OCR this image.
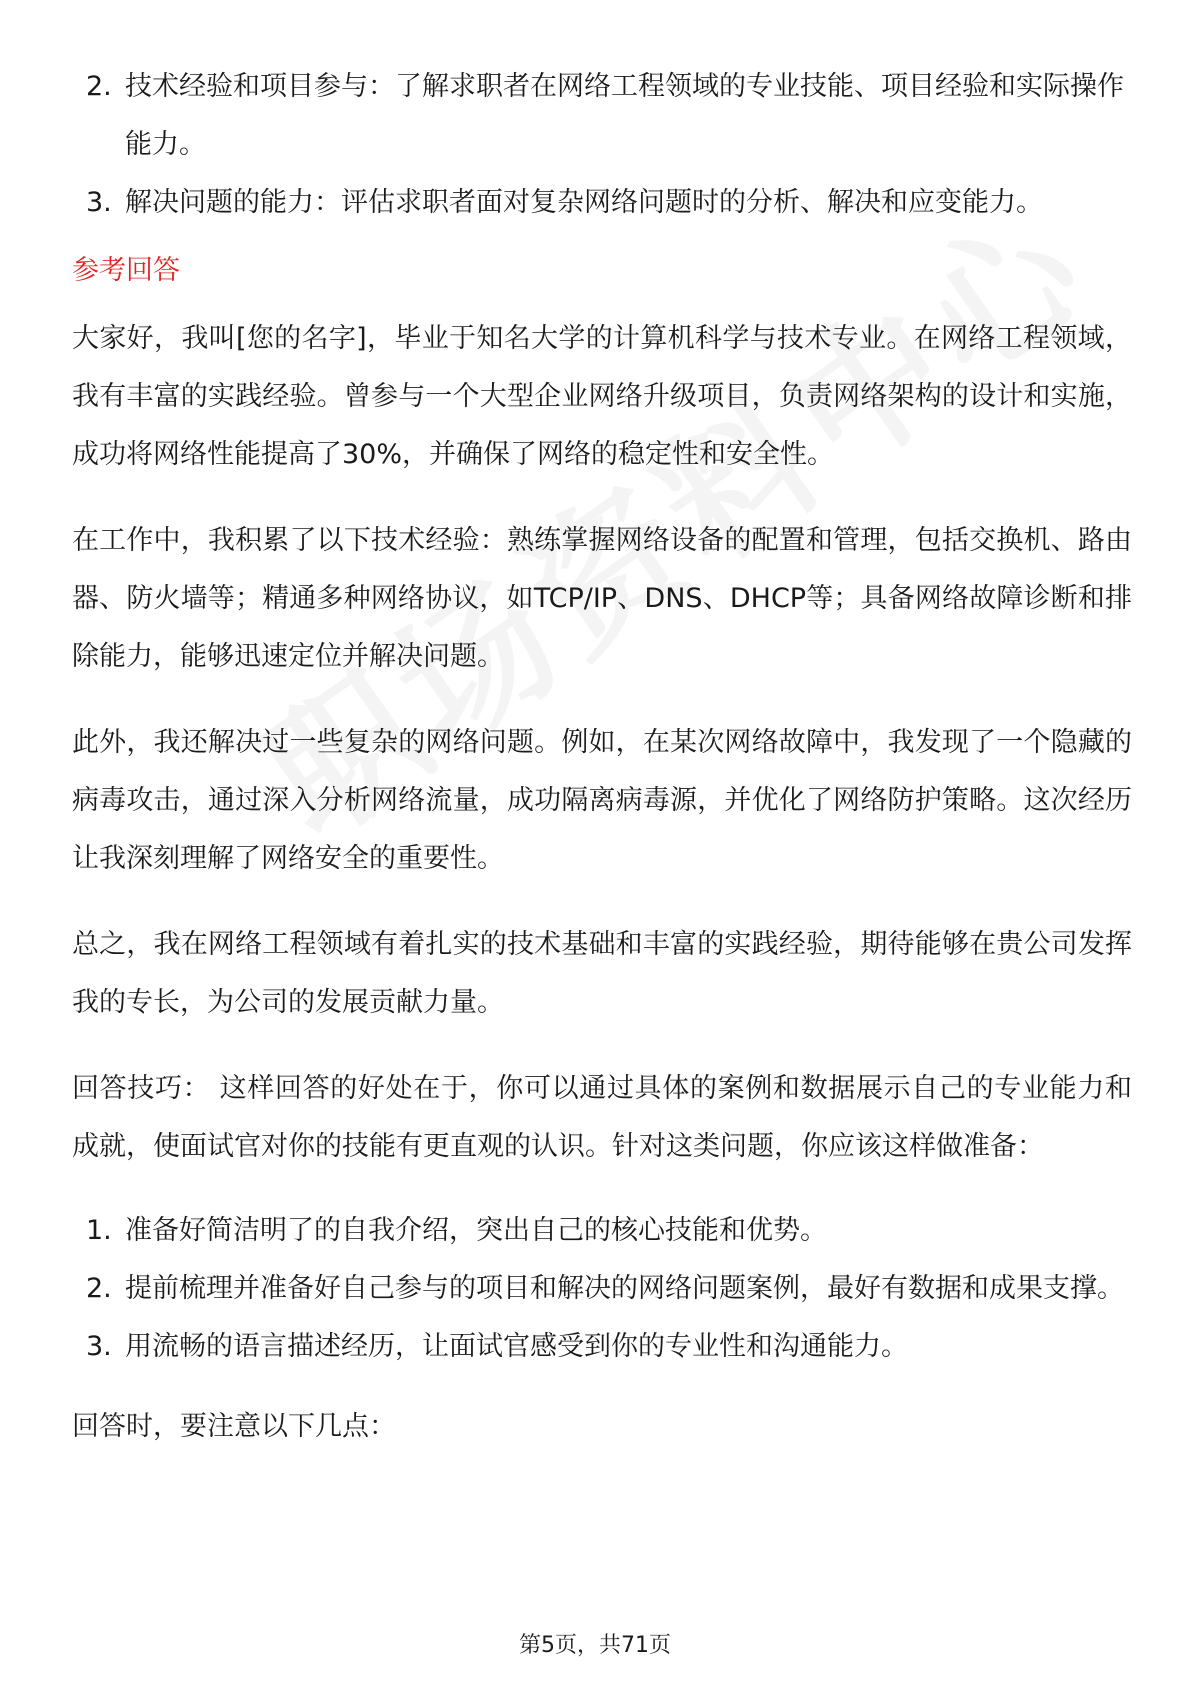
2. 技术经验和项目参与：了解求职者在网络工程领域的专业技能、项目经验和实际操作能力。
3. 解决问题的能力：评估求职者面对复杂网络问题时的分析、解决和应变能力。
参考回答

大家好，我叫[您的名字]，毕业于知名大学的计算机科学与技术专业。在网络工程领域，我有丰富的实践经验。曾参与一个大型企业网络升级项目，负责网络架构的设计和实施，成功将网络性能提高了30%，并确保了网络的稳定性和安全性。

在工作中，我积累了以下技术经验：熟练掌握网络设备的配置和管理，包括交换机、路由器、防火墙等；精通多种网络协议，如TCP/IP、DNS、DHCP等；具备网络故障诊断和排除能力，能够迅速定位并解决问题。

此外，我还解决过一些复杂的网络问题。例如，在某次网络故障中，我发现了一个隐藏的病毒攻击，通过深入分析网络流量，成功隔离病毒源，并优化了网络防护策略。这次经历让我深刻理解了网络安全的重要性。

总之，我在网络工程领域有着扎实的技术基础和丰富的实践经验，期待能够在贵公司发挥我的专长，为公司的发展贡献力量。

回答技巧： 这样回答的好处在于，你可以通过具体的案例和数据展示自己的专业能力和成就，使面试官对你的技能有更直观的认识。针对这类问题，你应该这样做准备：

1. 准备好简洁明了的自我介绍，突出自己的核心技能和优势。
2. 提前梳理并准备好自己参与的项目和解决的网络问题案例，最好有数据和成果支撑。
3. 用流畅的语言描述经历，让面试官感受到你的专业性和沟通能力。

回答时，要注意以下几点：

第5页，共71页
